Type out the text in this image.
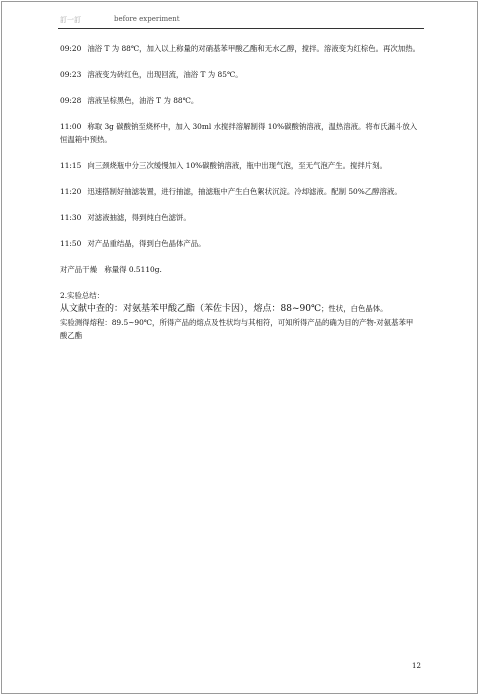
訂一訂	before experiment

09:20 油浴 T 为 88℃，加入以上称量的对硝基苯甲酸乙酯和无水乙醇，搅拌。溶液变为红棕色。再次加热。

09:23 溶液变为砖红色，出现回流，油浴 T 为 85℃。

09:28 溶液呈棕黑色，油浴 T 为 88℃。

11:00 称取 3g 碳酸钠至烧杯中，加入 30ml 水搅拌溶解制得 10%碳酸钠溶液，温热溶液。将布氏漏斗放入恒温箱中预热。

11:15 向三颈烧瓶中分三次缓慢加入 10%碳酸钠溶液，瓶中出现气泡，至无气泡产生。搅拌片刻。

11:20 迅速搭制好抽滤装置，进行抽滤，抽滤瓶中产生白色絮状沉淀。冷却滤液。配制 50%乙醇溶液。

11:30 对滤液抽滤，得到纯白色滤饼。

11:50 对产品重结晶，得到白色晶体产品。

对产品干燥　称量得 0.5110g.

2.实验总结：
从文献中查的：对氨基苯甲酸乙酯（苯佐卡因），熔点：88~90℃；性状，白色晶体。
实验测得熔程：89.5~90℃，所得产品的熔点及性状均与其相符，可知所得产品的确为目的产物-对氨基苯甲酸乙酯
12
